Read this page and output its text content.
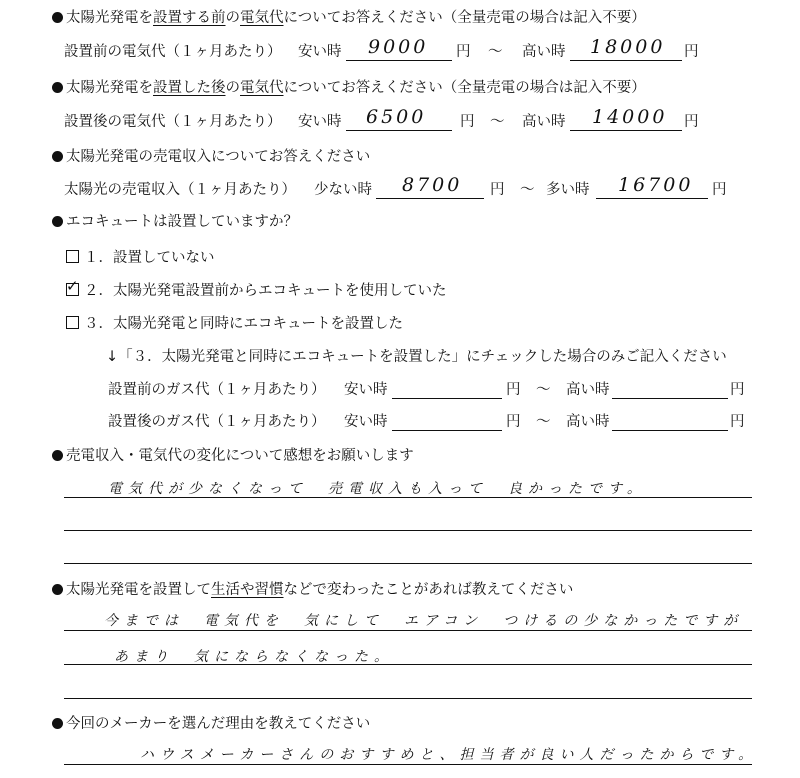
太陽光発電を設置する前の電気代についてお答えください（全量売電の場合は記入不要）
設置前の電気代（１ヶ月あたり） 安い時 9000 円 ～ 高い時 18000 円
太陽光発電を設置した後の電気代についてお答えください（全量売電の場合は記入不要）
設置後の電気代（１ヶ月あたり） 安い時 6500 円 ～ 高い時 14000 円
太陽光発電の売電収入についてお答えください
太陽光の売電収入（１ヶ月あたり） 少ない時 8700 円 ～ 多い時 16700 円
エコキュートは設置していますか？
１．設置していない
✓２．太陽光発電設置前からエコキュートを使用していた
３．太陽光発電と同時にエコキュートを設置した
↓「３．太陽光発電と同時にエコキュートを設置した」にチェックした場合のみご記入ください
設置前のガス代（１ヶ月あたり） 安い時	円 ～ 高い時	円
設置後のガス代（１ヶ月あたり） 安い時	円 ～ 高い時	円
売電収入・電気代の変化について感想をお願いします
電気代が少なくなって　売電収入も入って　良かったです。
太陽光発電を設置して生活や習慣などで変わったことがあれば教えてください
今までは　電気代を　気にして　エアコン　つけるの少なかったですが
あまり　気にならなくなった。
今回のメーカーを選んだ理由を教えてください
ハウスメーカーさんのおすすめと、担当者が良い人だったからです。
